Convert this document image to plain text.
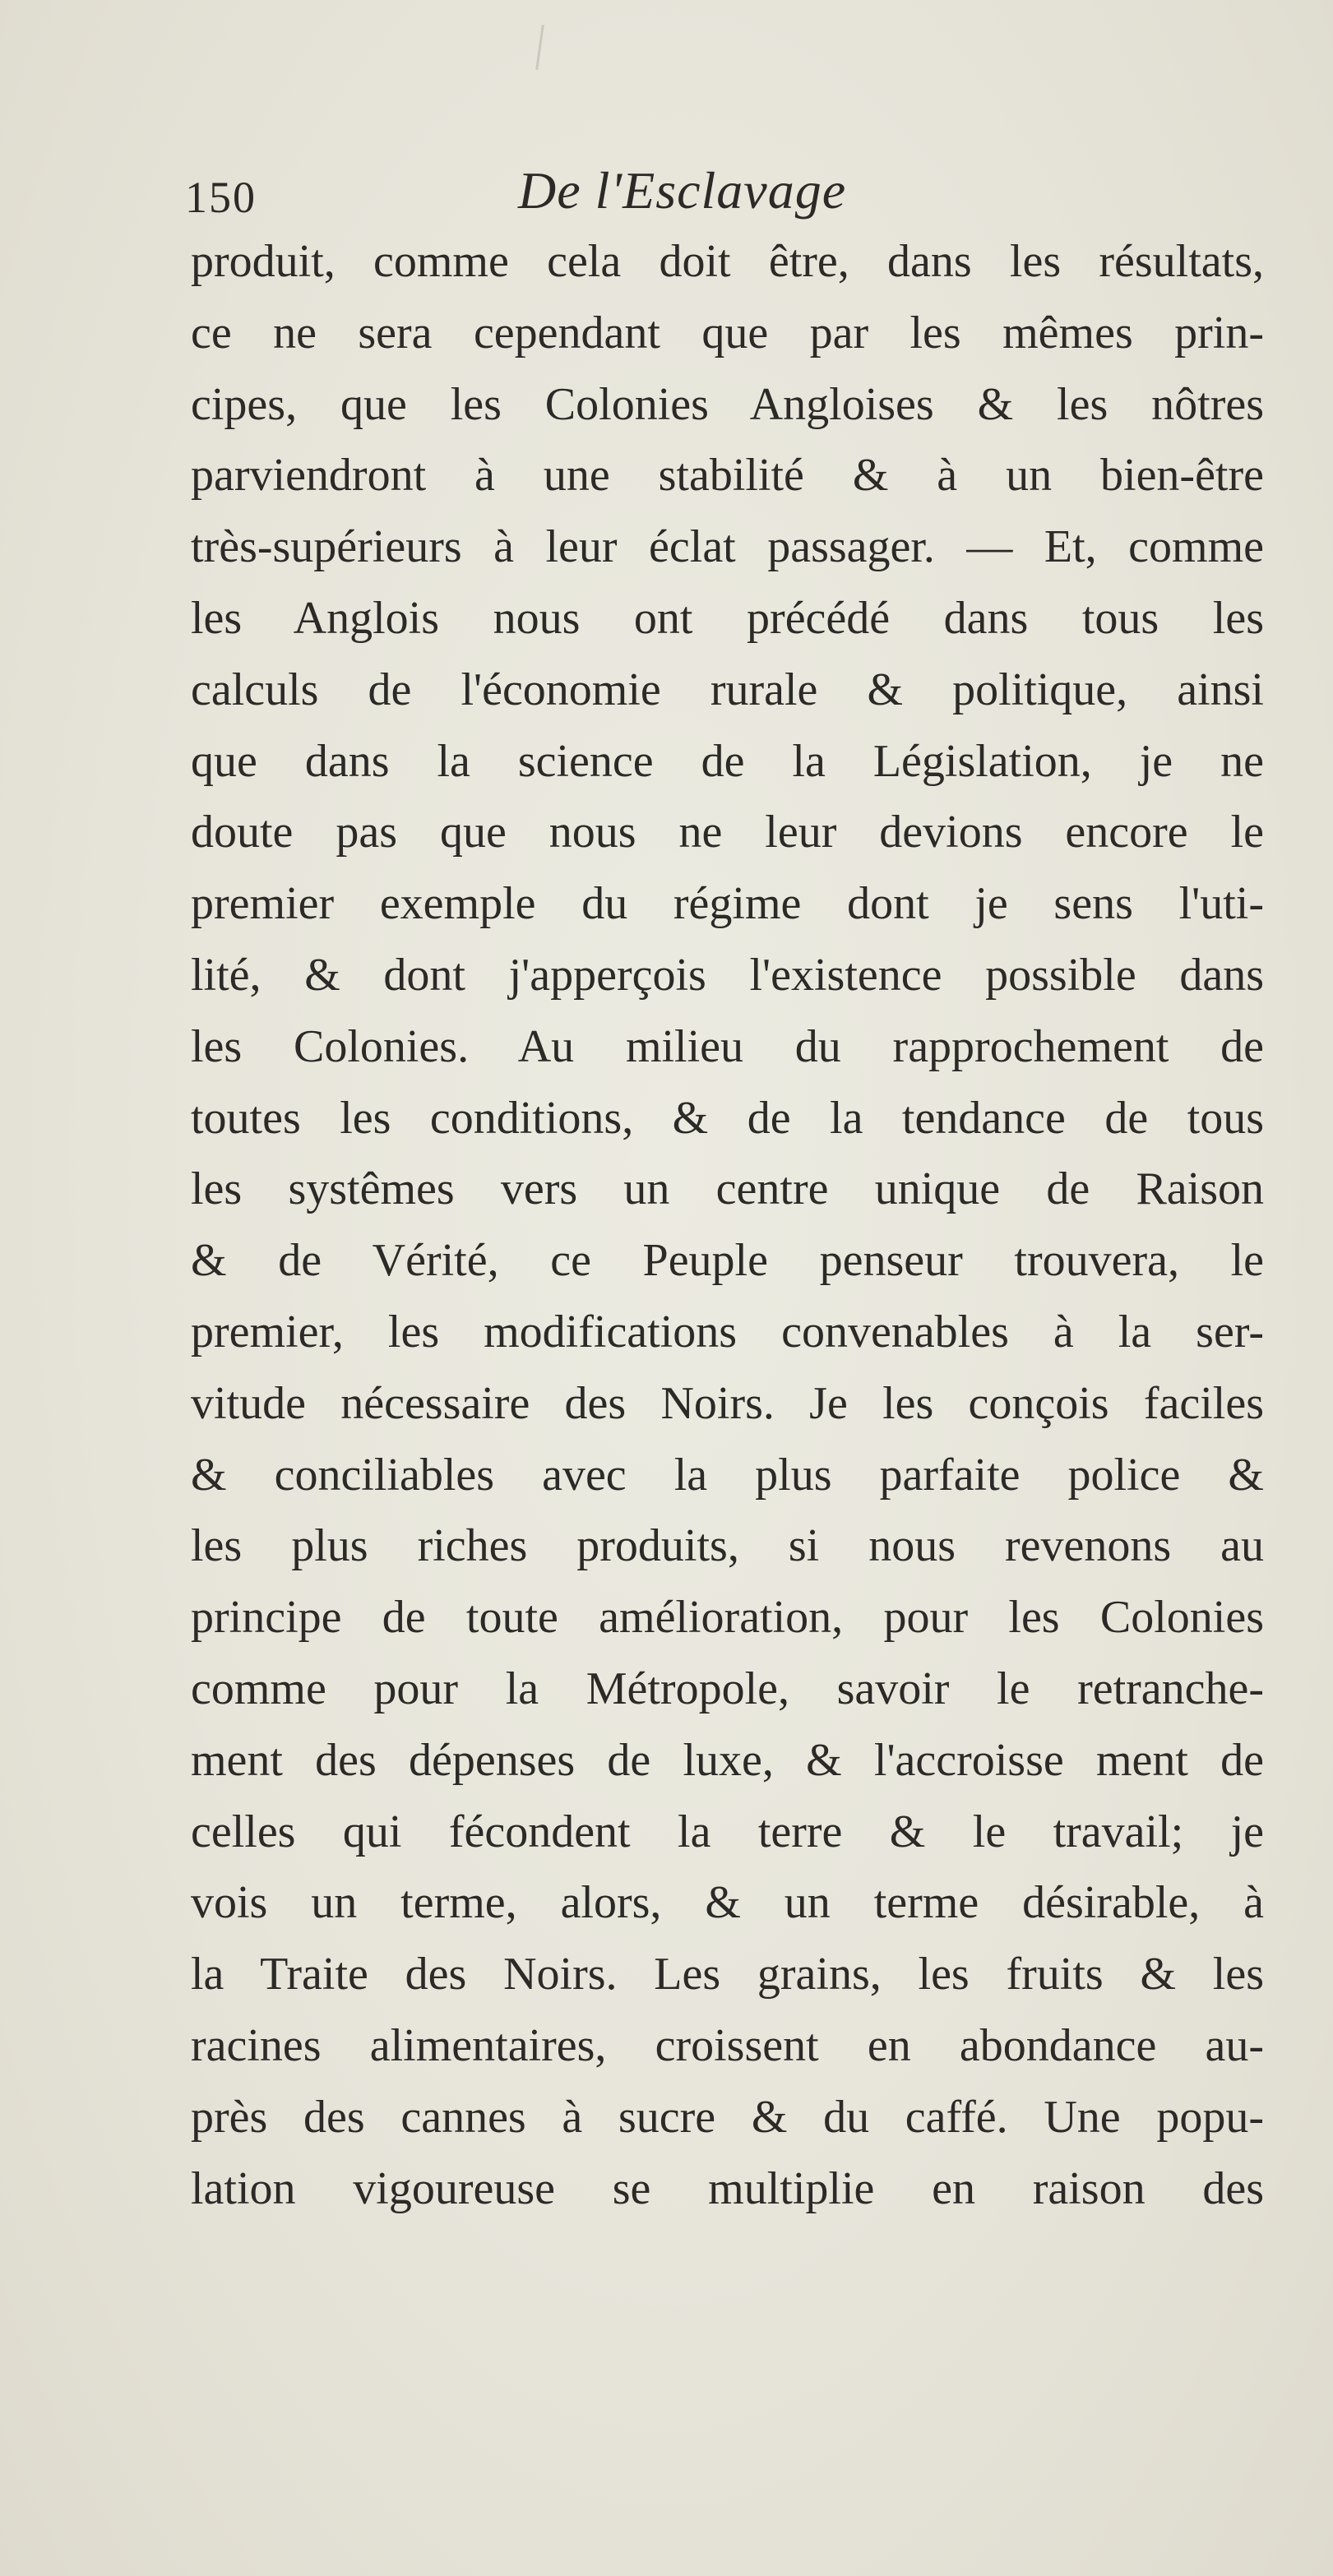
150	De l'Esclavage
produit, comme cela doit être, dans les résultats,
ce ne sera cependant que par les mêmes prin-
cipes, que les Colonies Angloises & les nôtres
parviendront à une stabilité & à un bien-être
très-supérieurs à leur éclat passager. — Et, comme
les Anglois nous ont précédé dans tous les
calculs de l'économie rurale & politique, ainsi
que dans la science de la Législation, je ne
doute pas que nous ne leur devions encore le
premier exemple du régime dont je sens l'uti-
lité, & dont j'apperçois l'existence possible dans
les Colonies. Au milieu du rapprochement de
toutes les conditions, & de la tendance de tous
les systêmes vers un centre unique de Raison
& de Vérité, ce Peuple penseur trouvera, le
premier, les modifications convenables à la ser-
vitude nécessaire des Noirs. Je les conçois faciles
& conciliables avec la plus parfaite police &
les plus riches produits, si nous revenons au
principe de toute amélioration, pour les Colonies
comme pour la Métropole, savoir le retranche-
ment des dépenses de luxe, & l'accroisse ment de
celles qui fécondent la terre & le travail; je
vois un terme, alors, & un terme désirable, à
la Traite des Noirs. Les grains, les fruits & les
racines alimentaires, croissent en abondance au-
près des cannes à sucre & du caffé. Une popu-
lation vigoureuse se multiplie en raison des
